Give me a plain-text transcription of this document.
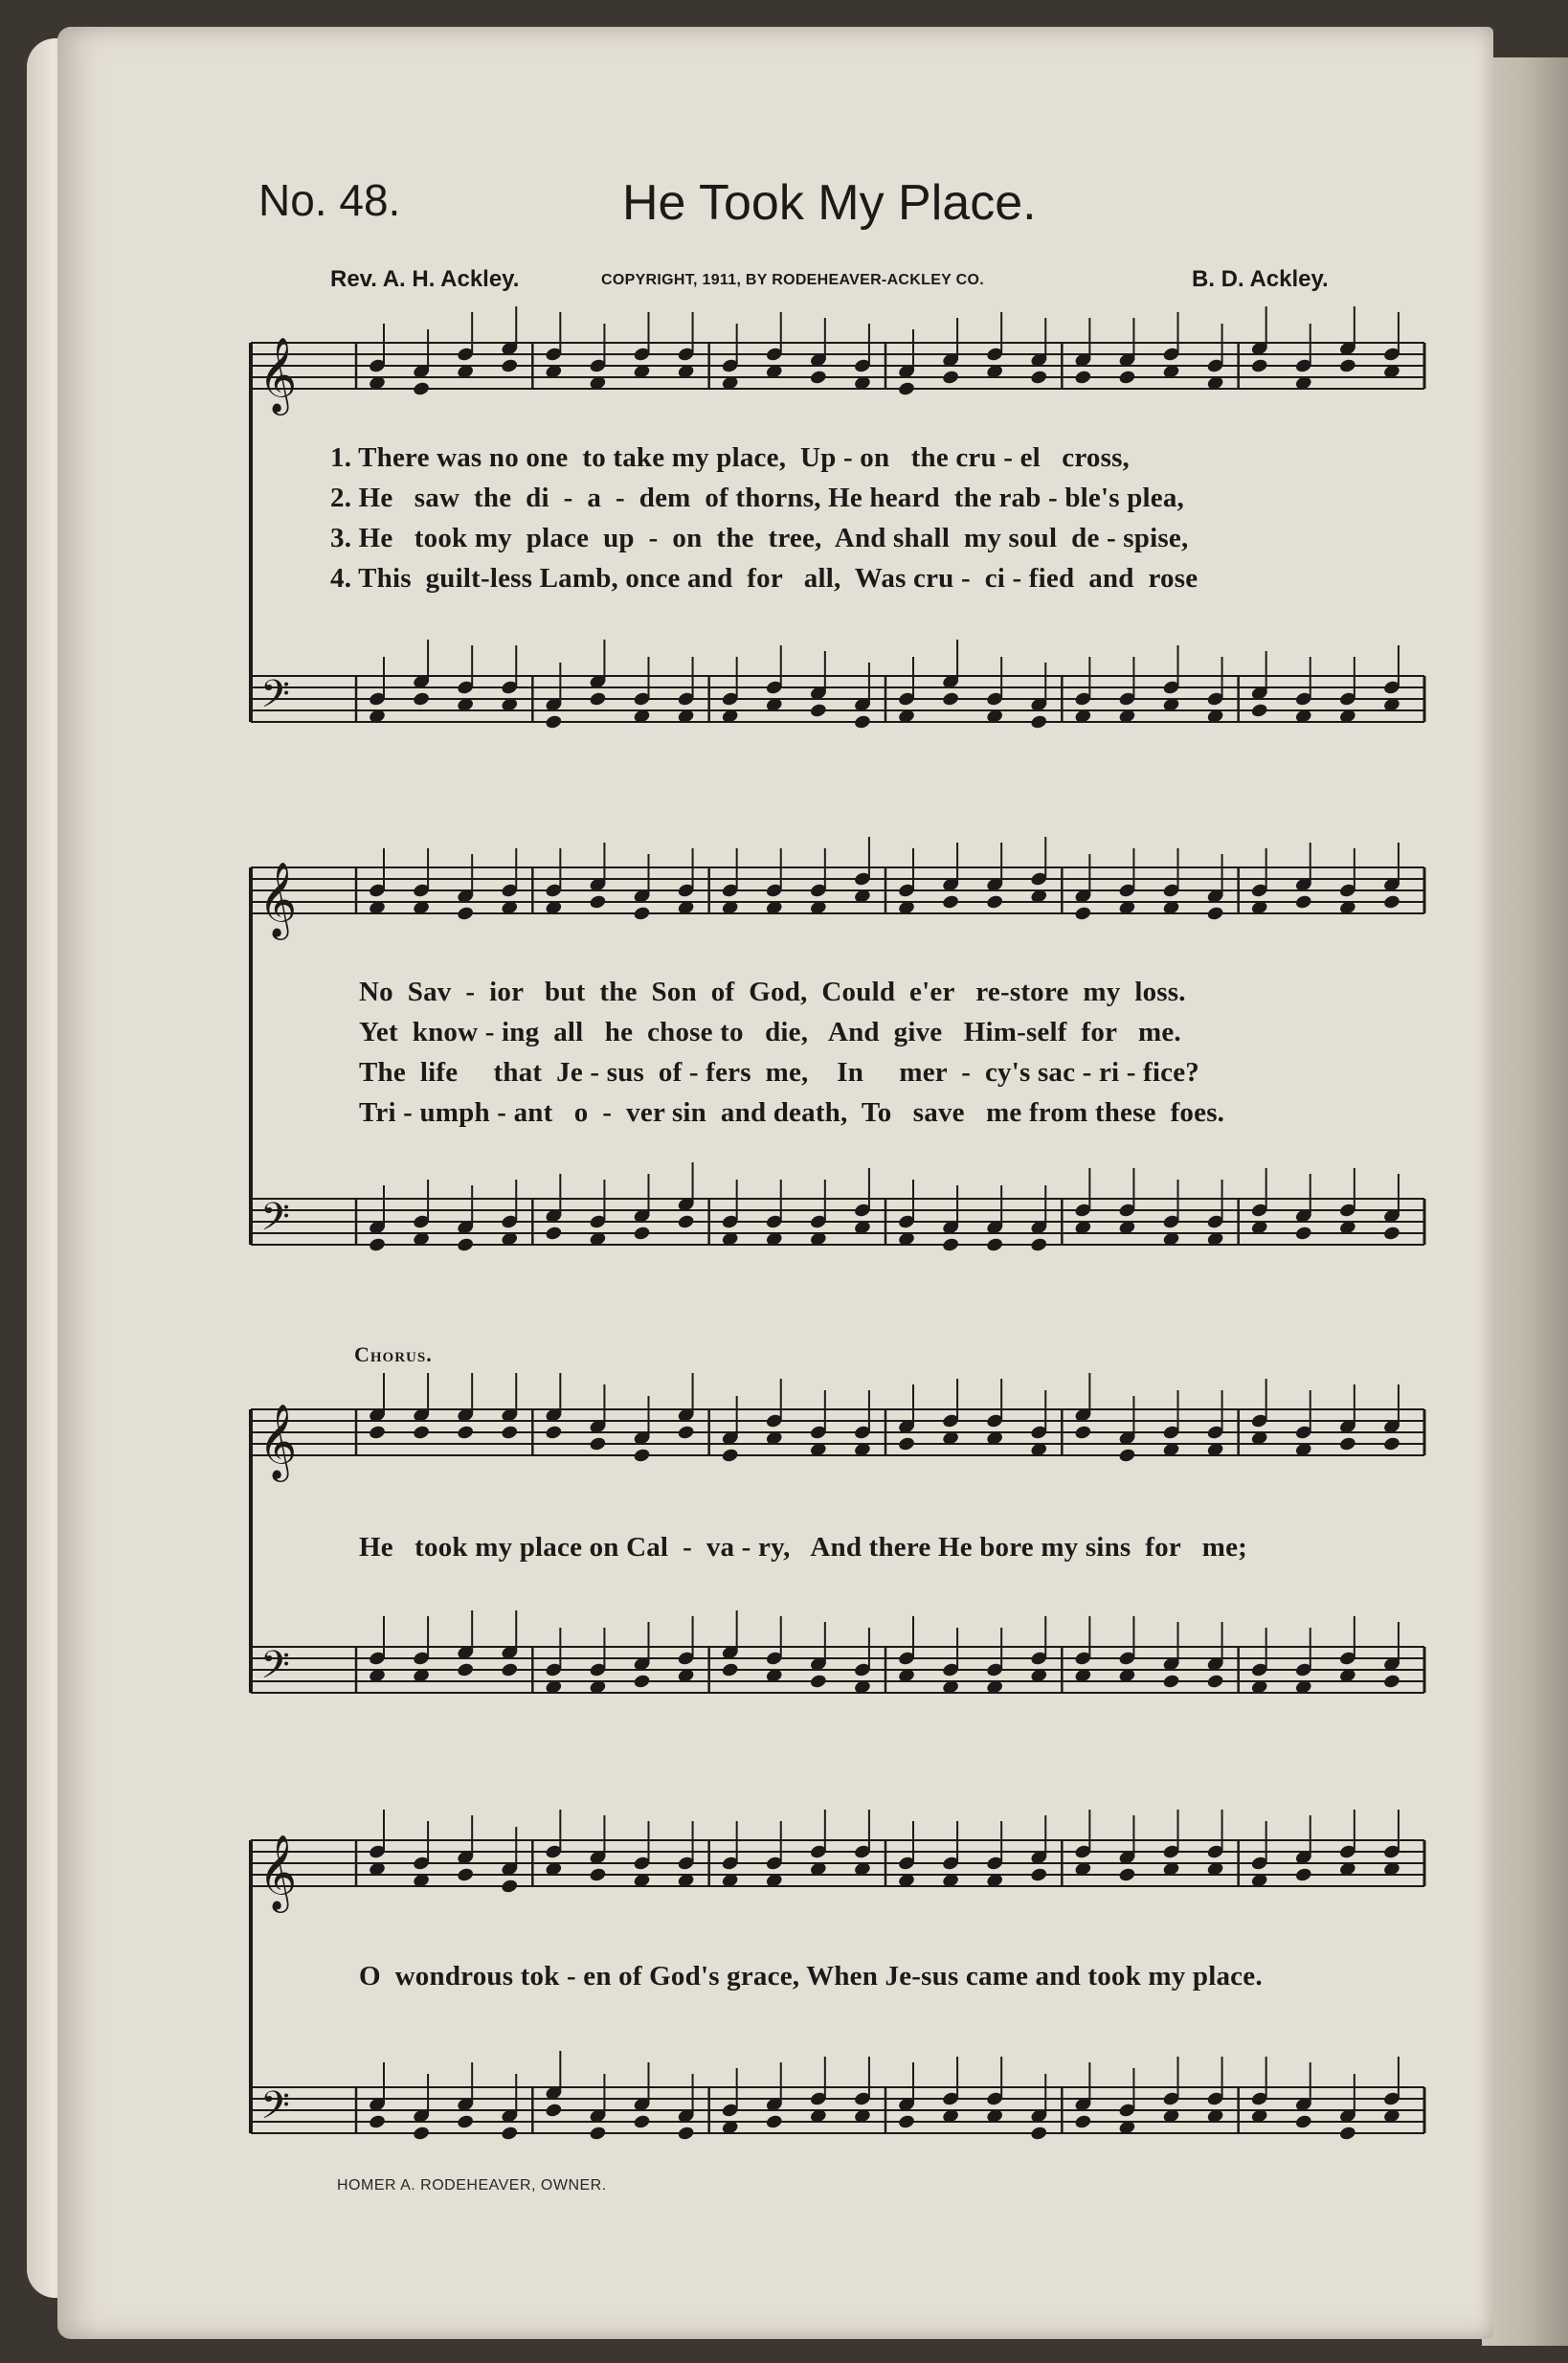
No. 48.	He Took My Place.
Rev. A. H. Ackley.	COPYRIGHT, 1911, BY RODEHEAVER-ACKLEY CO.	B. D. Ackley.
𝄞
𝄢
𝄞
𝄢
𝄞
𝄢
𝄞
𝄢
1. There was no one  to take my place,  Up - on   the cru - el   cross,
2. He   saw  the  di  -  a  -  dem  of thorns, He heard  the rab - ble's plea,
3. He   took my  place  up  -  on  the  tree,  And shall  my soul  de - spise,
4. This  guilt-less Lamb, once and  for   all,  Was cru -  ci - fied  and  rose
No  Sav  -  ior   but  the  Son  of  God,  Could  e'er   re-store  my  loss.
Yet  know - ing  all   he  chose to   die,   And  give   Him-self  for   me.
The  life     that  Je - sus  of - fers  me,    In     mer  -  cy's sac - ri - fice?
Tri - umph - ant   o  -  ver sin  and death,  To   save   me from these  foes.
Chorus.
He   took my place on Cal  -  va - ry,   And there He bore my sins  for   me;
O  wondrous tok - en of God's grace, When Je-sus came and took my place.
HOMER A. RODEHEAVER, OWNER.
